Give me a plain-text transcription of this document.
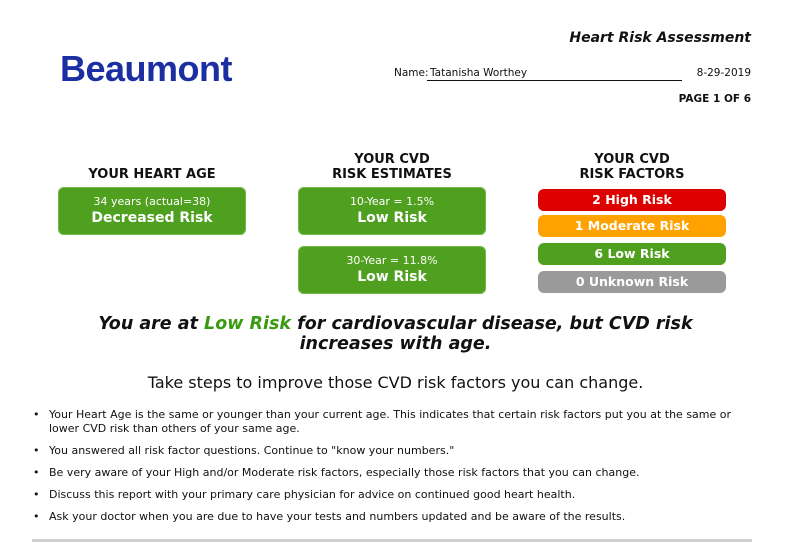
Beaumont
Heart Risk Assessment
Name: Tatanisha Worthey	8-29-2019
PAGE 1 OF 6
YOUR HEART AGE
YOUR CVD
RISK ESTIMATES
YOUR CVD
RISK FACTORS
34 years (actual=38)
Decreased Risk
10-Year = 1.5%
Low Risk
30-Year = 11.8%
Low Risk
2 High Risk
1 Moderate Risk
6 Low Risk
0 Unknown Risk
You are at Low Risk for cardiovascular disease, but CVD risk increases with age.
Take steps to improve those CVD risk factors you can change.
• Your Heart Age is the same or younger than your current age. This indicates that certain risk factors put you at the same or lower CVD risk than others of your same age.
• You answered all risk factor questions. Continue to "know your numbers."
• Be very aware of your High and/or Moderate risk factors, especially those risk factors that you can change.
• Discuss this report with your primary care physician for advice on continued good heart health.
• Ask your doctor when you are due to have your tests and numbers updated and be aware of the results.
